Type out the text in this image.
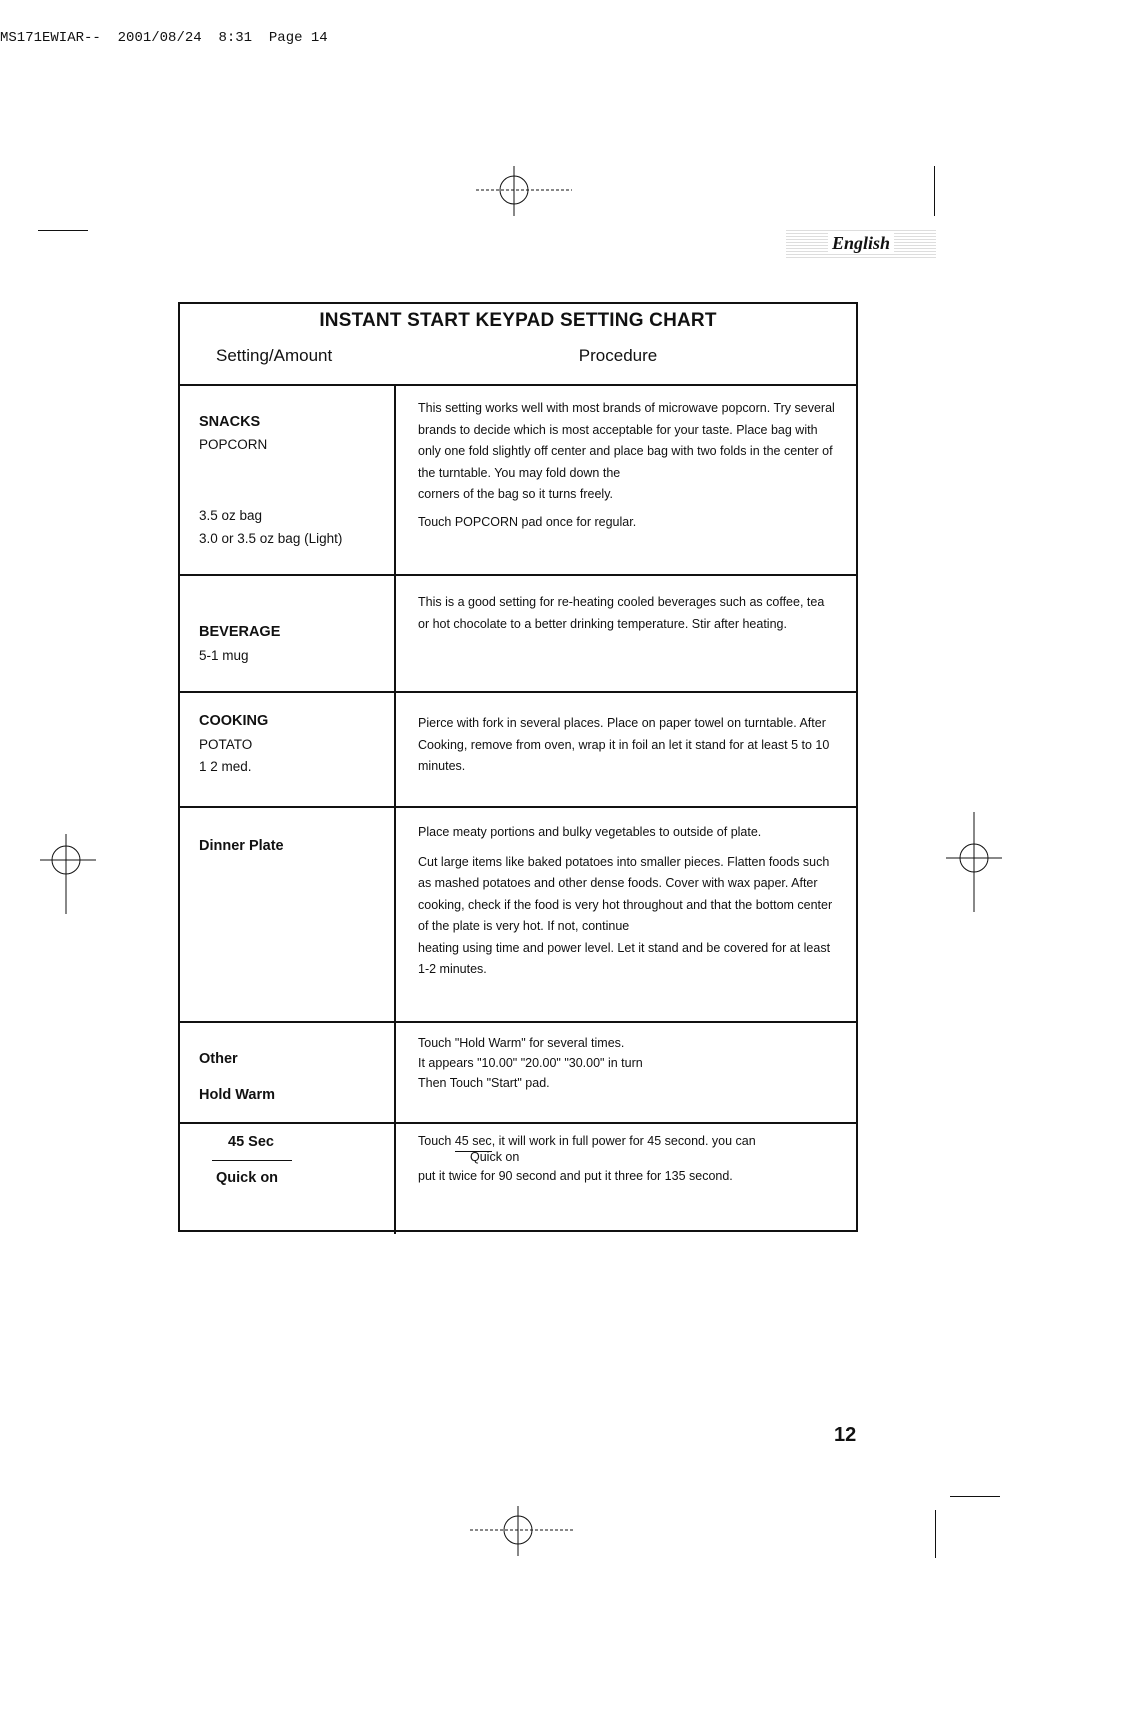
MS171EWIAR-- 2001/08/24 8:31 Page 14
English
INSTANT START KEYPAD SETTING CHART
Setting/Amount	Procedure
SNACKS
POPCORN
3.5 oz bag
3.0 or 3.5 oz bag (Light)

This setting works well with most brands of microwave popcorn. Try several brands to decide which is most acceptable for your taste. Place bag with only one fold slightly off center and place bag with two folds in the center of the turntable. You may fold down the

corners of the bag so it turns freely.

Touch POPCORN pad once for regular.

BEVERAGE
5-1 mug

This is a good setting for re-heating cooled beverages such as coffee, tea or hot chocolate to a better drinking temperature. Stir after heating.

COOKING
POTATO
1 2 med.

Pierce with fork in several places. Place on paper towel on turntable. After Cooking, remove from oven, wrap it in foil an let it stand for at least 5 to 10 minutes.

Dinner Plate

Place meaty portions and bulky vegetables to outside of plate.

Cut large items like baked potatoes into smaller pieces. Flatten foods such as mashed potatoes and other dense foods. Cover with wax paper. After cooking, check if the food is very hot throughout and that the bottom center of the plate is very hot. If not, continue

heating using time and power level. Let it stand and be covered for at least 1-2 minutes.

Other
Hold Warm

Touch "Hold Warm" for several times.

It appears "10.00" "20.00" "30.00" in turn

Then Touch "Start" pad.

45 Sec
Quick on

Touch 45 sec, it will work in full power for 45 second. you can

Quick on

put it twice for 90 second and put it three for 135 second.

12
